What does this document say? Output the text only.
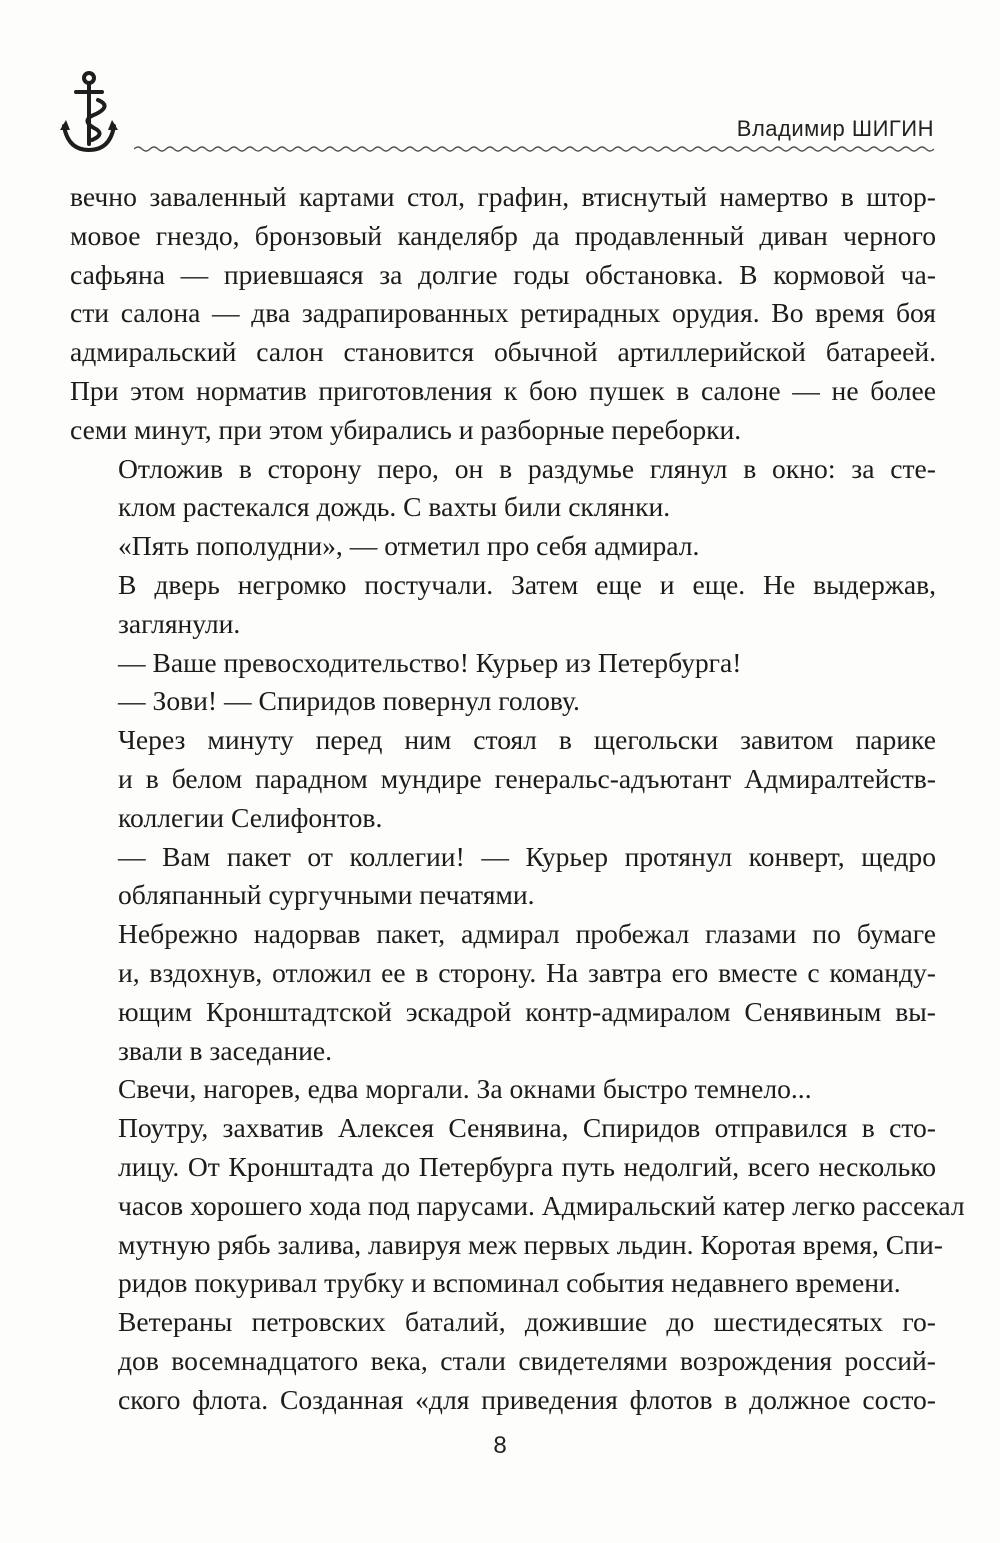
Владимир ШИГИН

вечно заваленный картами стол, графин, втиснутый намертво в штор-
мовое гнездо, бронзовый канделябр да продавленный диван черного
сафьяна — приевшаяся за долгие годы обстановка. В кормовой ча-
сти салона — два задрапированных ретирадных орудия. Во время боя
адмиральский салон становится обычной артиллерийской батареей.
При этом норматив приготовления к бою пушек в салоне — не более
семи минут, при этом убирались и разборные переборки.

Отложив в сторону перо, он в раздумье глянул в окно: за сте-
клом растекался дождь. С вахты били склянки.

«Пять пополудни», — отметил про себя адмирал.

В дверь негромко постучали. Затем еще и еще. Не выдержав,
заглянули.

— Ваше превосходительство! Курьер из Петербурга!

— Зови! — Спиридов повернул голову.

Через минуту перед ним стоял в щегольски завитом парике
и в белом парадном мундире генеральс-адъютант Адмиралтейств-
коллегии Селифонтов.

— Вам пакет от коллегии! — Курьер протянул конверт, щедро
обляпанный сургучными печатями.

Небрежно надорвав пакет, адмирал пробежал глазами по бумаге
и, вздохнув, отложил ее в сторону. На завтра его вместе с команду-
ющим Кронштадтской эскадрой контр-адмиралом Сенявиным вы-
звали в заседание.

Свечи, нагорев, едва моргали. За окнами быстро темнело...

Поутру, захватив Алексея Сенявина, Спиридов отправился в сто-
лицу. От Кронштадта до Петербурга путь недолгий, всего несколько
часов хорошего хода под парусами. Адмиральский катер легко рассекал
мутную рябь залива, лавируя меж первых льдин. Коротая время, Спи-
ридов покуривал трубку и вспоминал события недавнего времени.

Ветераны петровских баталий, дожившие до шестидесятых го-
дов восемнадцатого века, стали свидетелями возрождения россий-
ского флота. Созданная «для приведения флотов в должное состо-

8
